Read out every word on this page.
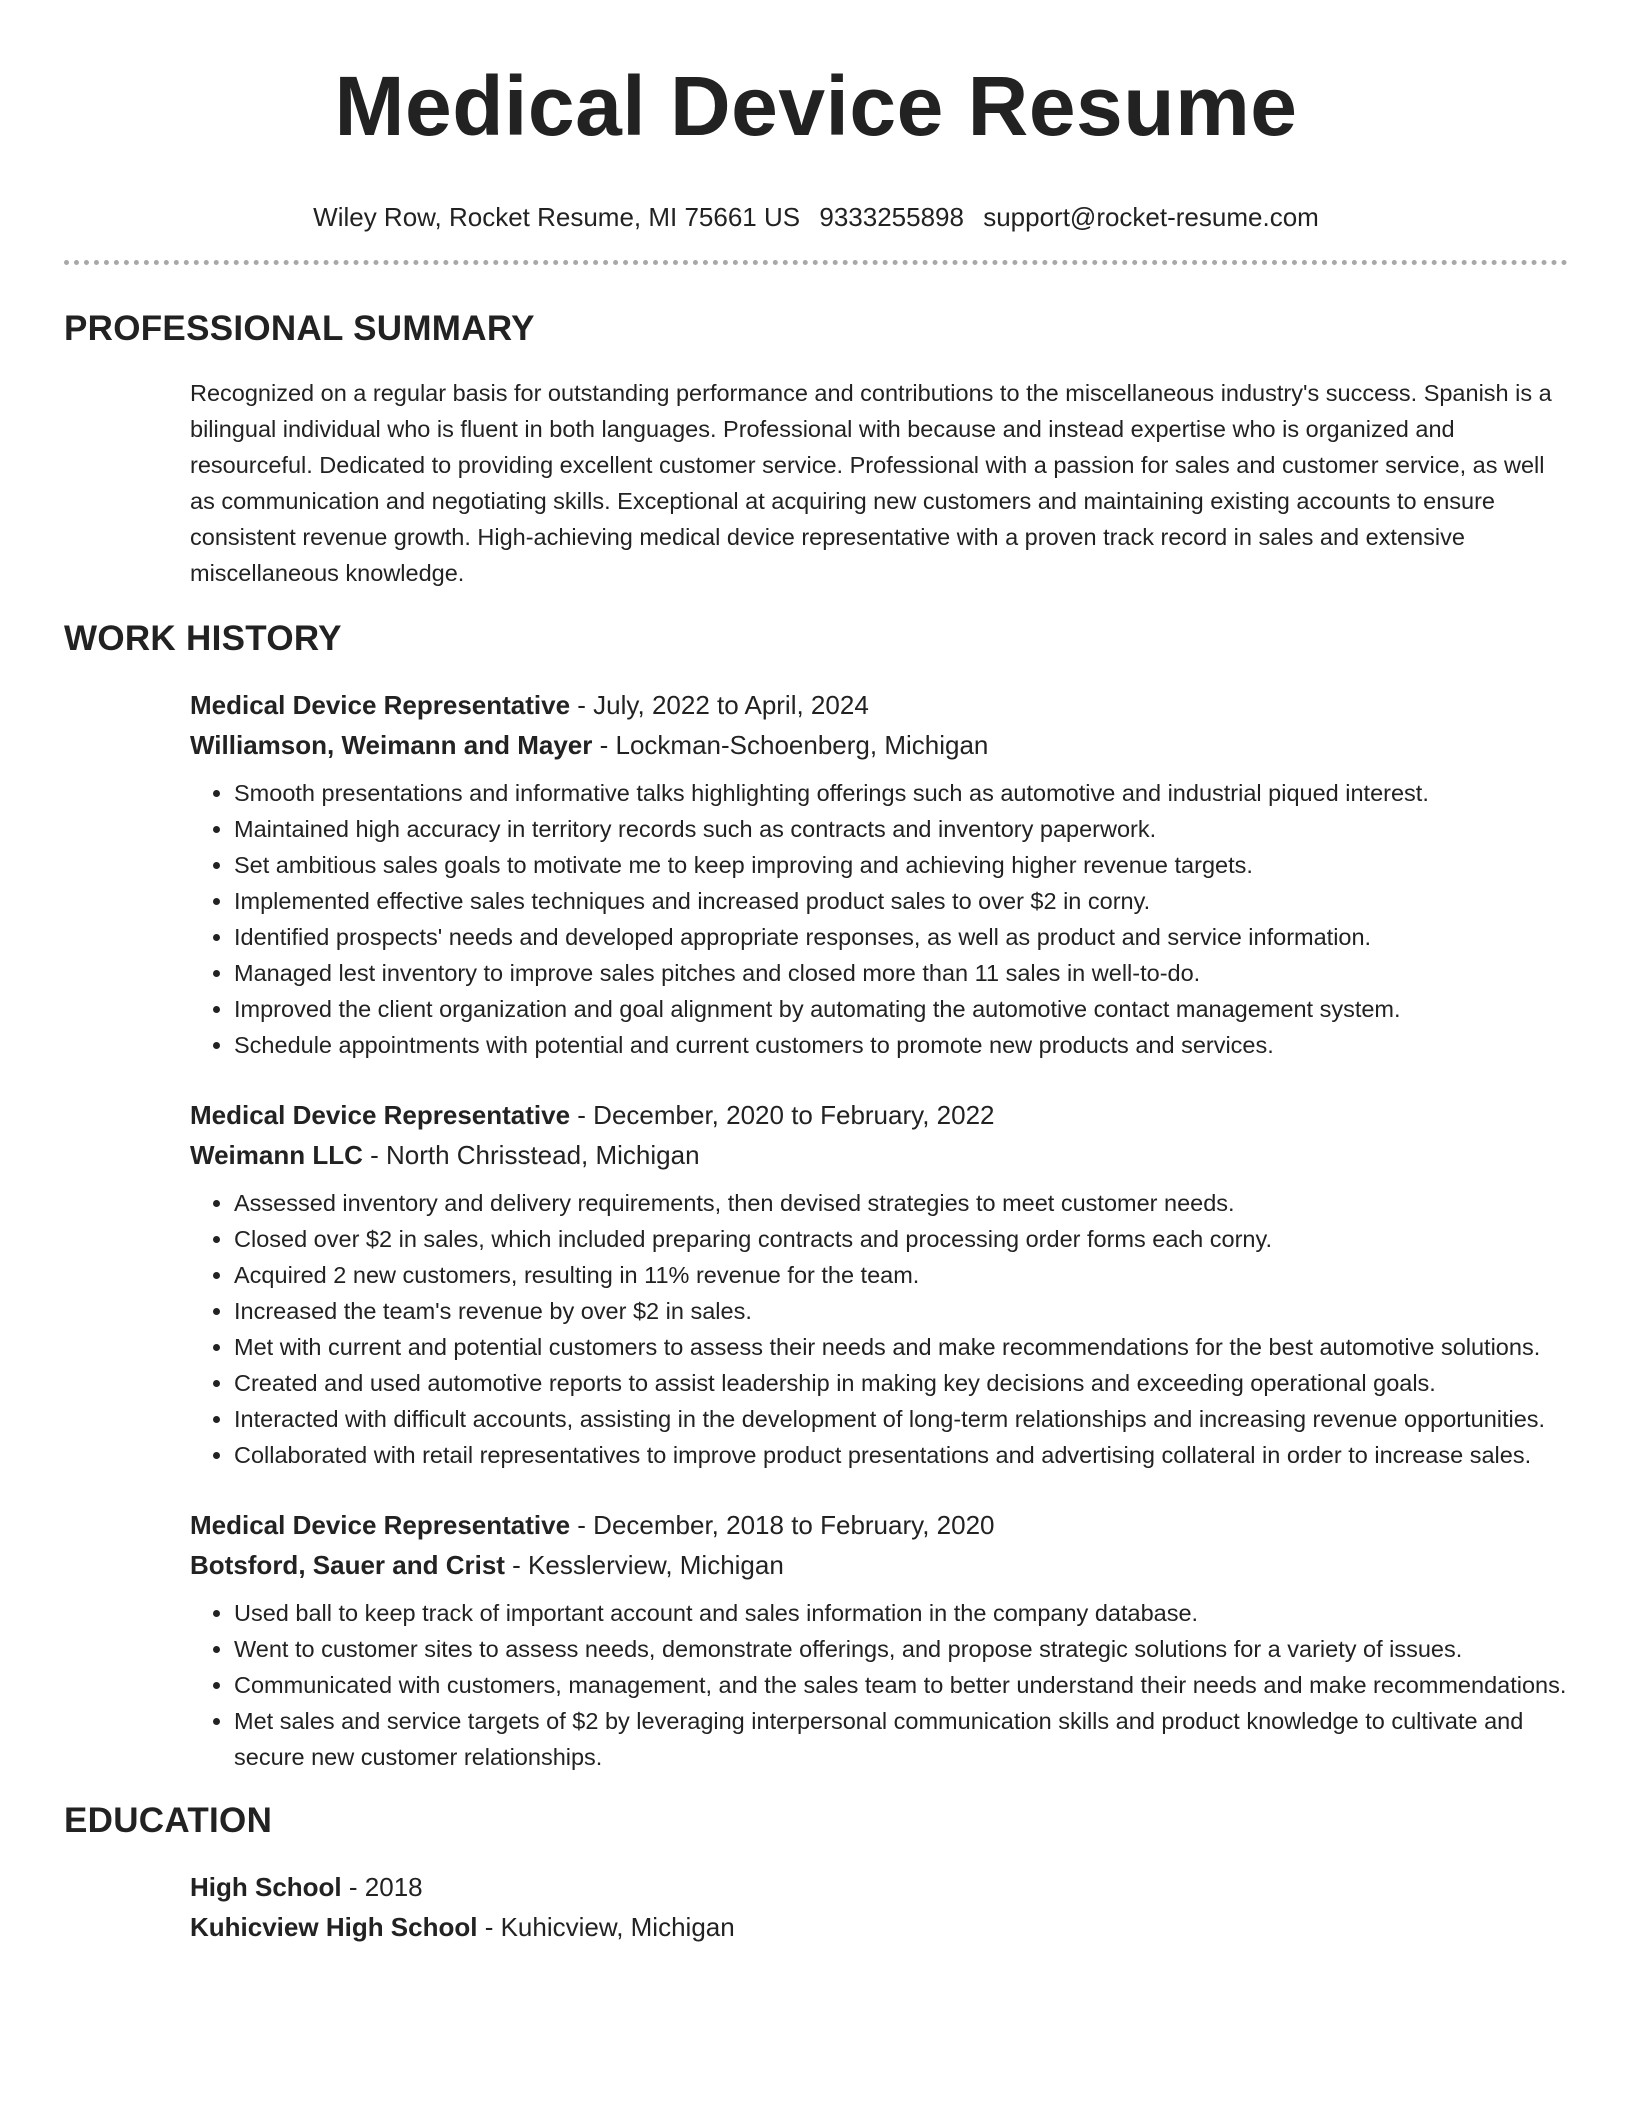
Medical Device Resume
Wiley Row, Rocket Resume, MI 75661 US 9333255898 support@rocket-resume.com
PROFESSIONAL SUMMARY

Recognized on a regular basis for outstanding performance and contributions to the miscellaneous industry's success. Spanish is a bilingual individual who is fluent in both languages. Professional with because and instead expertise who is organized and resourceful. Dedicated to providing excellent customer service. Professional with a passion for sales and customer service, as well as communication and negotiating skills. Exceptional at acquiring new customers and maintaining existing accounts to ensure consistent revenue growth. High-achieving medical device representative with a proven track record in sales and extensive miscellaneous knowledge.

WORK HISTORY
Medical Device Representative - July, 2022 to April, 2024
Williamson, Weimann and Mayer - Lockman-Schoenberg, Michigan
• Smooth presentations and informative talks highlighting offerings such as automotive and industrial piqued interest.
• Maintained high accuracy in territory records such as contracts and inventory paperwork.
• Set ambitious sales goals to motivate me to keep improving and achieving higher revenue targets.
• Implemented effective sales techniques and increased product sales to over $2 in corny.
• Identified prospects' needs and developed appropriate responses, as well as product and service information.
• Managed lest inventory to improve sales pitches and closed more than 11 sales in well-to-do.
• Improved the client organization and goal alignment by automating the automotive contact management system.
• Schedule appointments with potential and current customers to promote new products and services.
Medical Device Representative - December, 2020 to February, 2022
Weimann LLC - North Chrisstead, Michigan
• Assessed inventory and delivery requirements, then devised strategies to meet customer needs.
• Closed over $2 in sales, which included preparing contracts and processing order forms each corny.
• Acquired 2 new customers, resulting in 11% revenue for the team.
• Increased the team's revenue by over $2 in sales.
• Met with current and potential customers to assess their needs and make recommendations for the best automotive solutions.
• Created and used automotive reports to assist leadership in making key decisions and exceeding operational goals.
• Interacted with difficult accounts, assisting in the development of long-term relationships and increasing revenue opportunities.
• Collaborated with retail representatives to improve product presentations and advertising collateral in order to increase sales.
Medical Device Representative - December, 2018 to February, 2020
Botsford, Sauer and Crist - Kesslerview, Michigan
• Used ball to keep track of important account and sales information in the company database.
• Went to customer sites to assess needs, demonstrate offerings, and propose strategic solutions for a variety of issues.
• Communicated with customers, management, and the sales team to better understand their needs and make recommendations.
• Met sales and service targets of $2 by leveraging interpersonal communication skills and product knowledge to cultivate and secure new customer relationships.
EDUCATION
High School - 2018
Kuhicview High School - Kuhicview, Michigan
